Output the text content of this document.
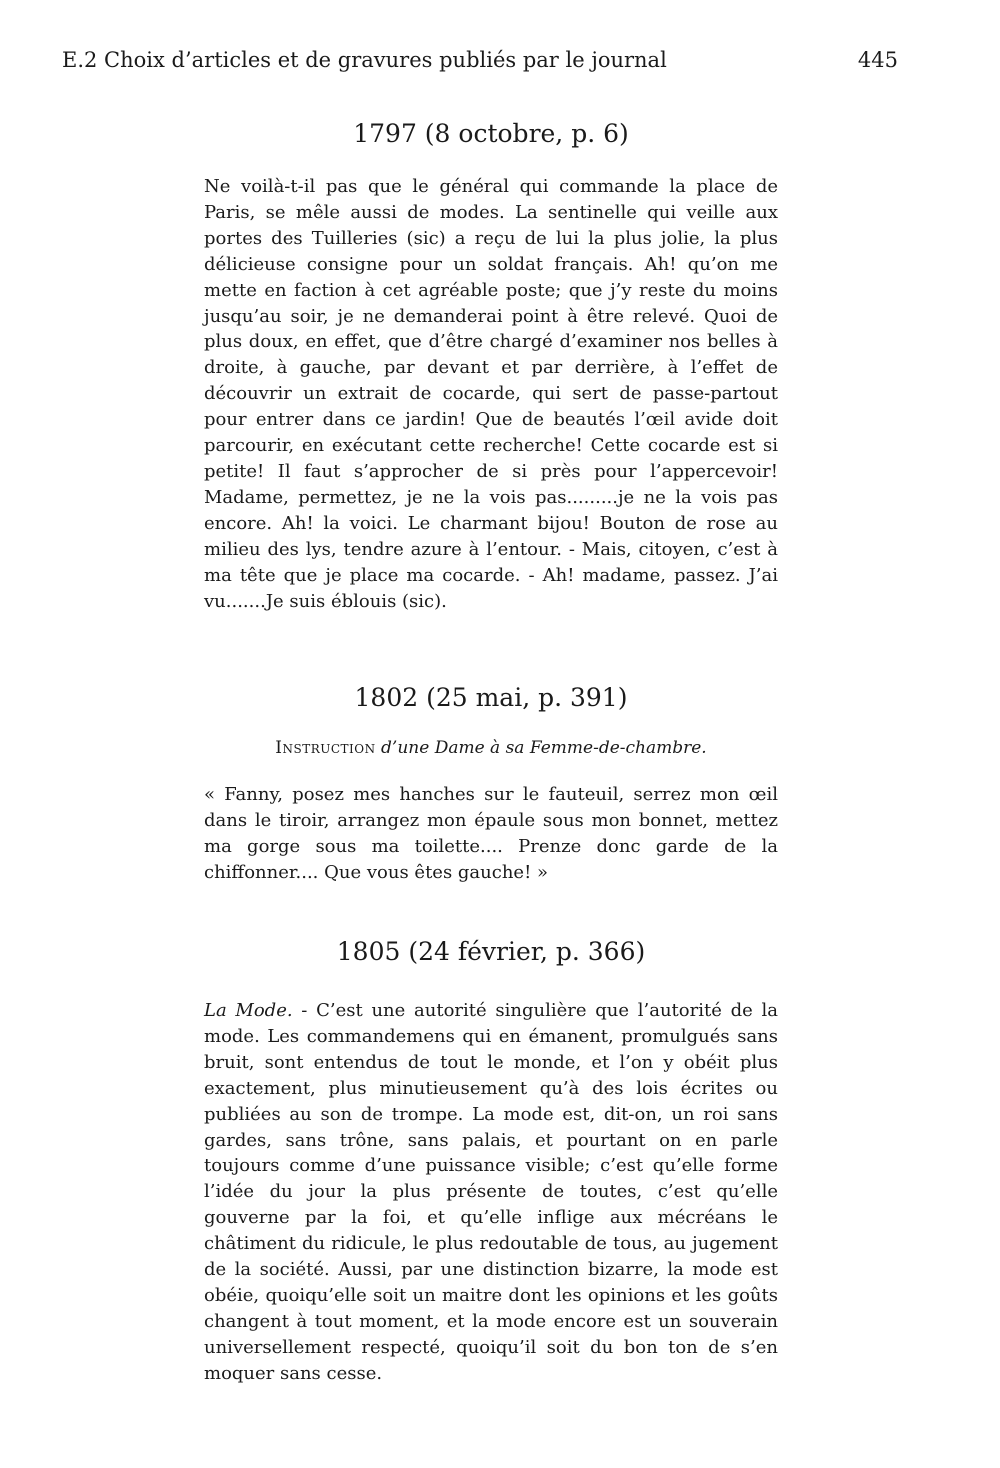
E.2 Choix d’articles et de gravures publiés par le journal	445
1797 (8 octobre, p. 6)

Ne voilà-t-il pas que le général qui commande la place de Paris, se mêle aussi de modes. La sentinelle qui veille aux portes des Tuilleries (sic) a reçu de lui la plus jolie, la plus délicieuse consigne pour un soldat français. Ah! qu’on me mette en faction à cet agréable poste; que j’y reste du moins jusqu’au soir, je ne demanderai point à être relevé. Quoi de plus doux, en effet, que d’être chargé d’examiner nos belles à droite, à gauche, par devant et par derrière, à l’effet de découvrir un extrait de cocarde, qui sert de passe-partout pour entrer dans ce jardin! Que de beautés l’œil avide doit parcourir, en exécutant cette recherche! Cette cocarde est si petite! Il faut s’approcher de si près pour l’appercevoir! Madame, permettez, je ne la vois pas.........je ne la vois pas encore. Ah! la voici. Le charmant bijou! Bouton de rose au milieu des lys, tendre azure à l’entour. - Mais, citoyen, c’est à ma tête que je place ma cocarde. - Ah! madame, passez. J’ai vu.......Je suis éblouis (sic).

1802 (25 mai, p. 391)
Instruction d’une Dame à sa Femme-de-chambre.

« Fanny, posez mes hanches sur le fauteuil, serrez mon œil dans le tiroir, arrangez mon épaule sous mon bonnet, mettez ma gorge sous ma toilette.... Prenze donc garde de la chiffonner.... Que vous êtes gauche! »

1805 (24 février, p. 366)

La Mode. - C’est une autorité singulière que l’autorité de la mode. Les commandemens qui en émanent, promulgués sans bruit, sont entendus de tout le monde, et l’on y obéit plus exactement, plus minutieusement qu’à des lois écrites ou publiées au son de trompe. La mode est, dit-on, un roi sans gardes, sans trône, sans palais, et pourtant on en parle toujours comme d’une puissance visible; c’est qu’elle forme l’idée du jour la plus présente de toutes, c’est qu’elle gouverne par la foi, et qu’elle inflige aux mécréans le châtiment du ridicule, le plus redoutable de tous, au jugement de la société. Aussi, par une distinction bizarre, la mode est obéie, quoiqu’elle soit un maitre dont les opinions et les goûts changent à tout moment, et la mode encore est un souverain universellement respecté, quoiqu’il soit du bon ton de s’en moquer sans cesse.
